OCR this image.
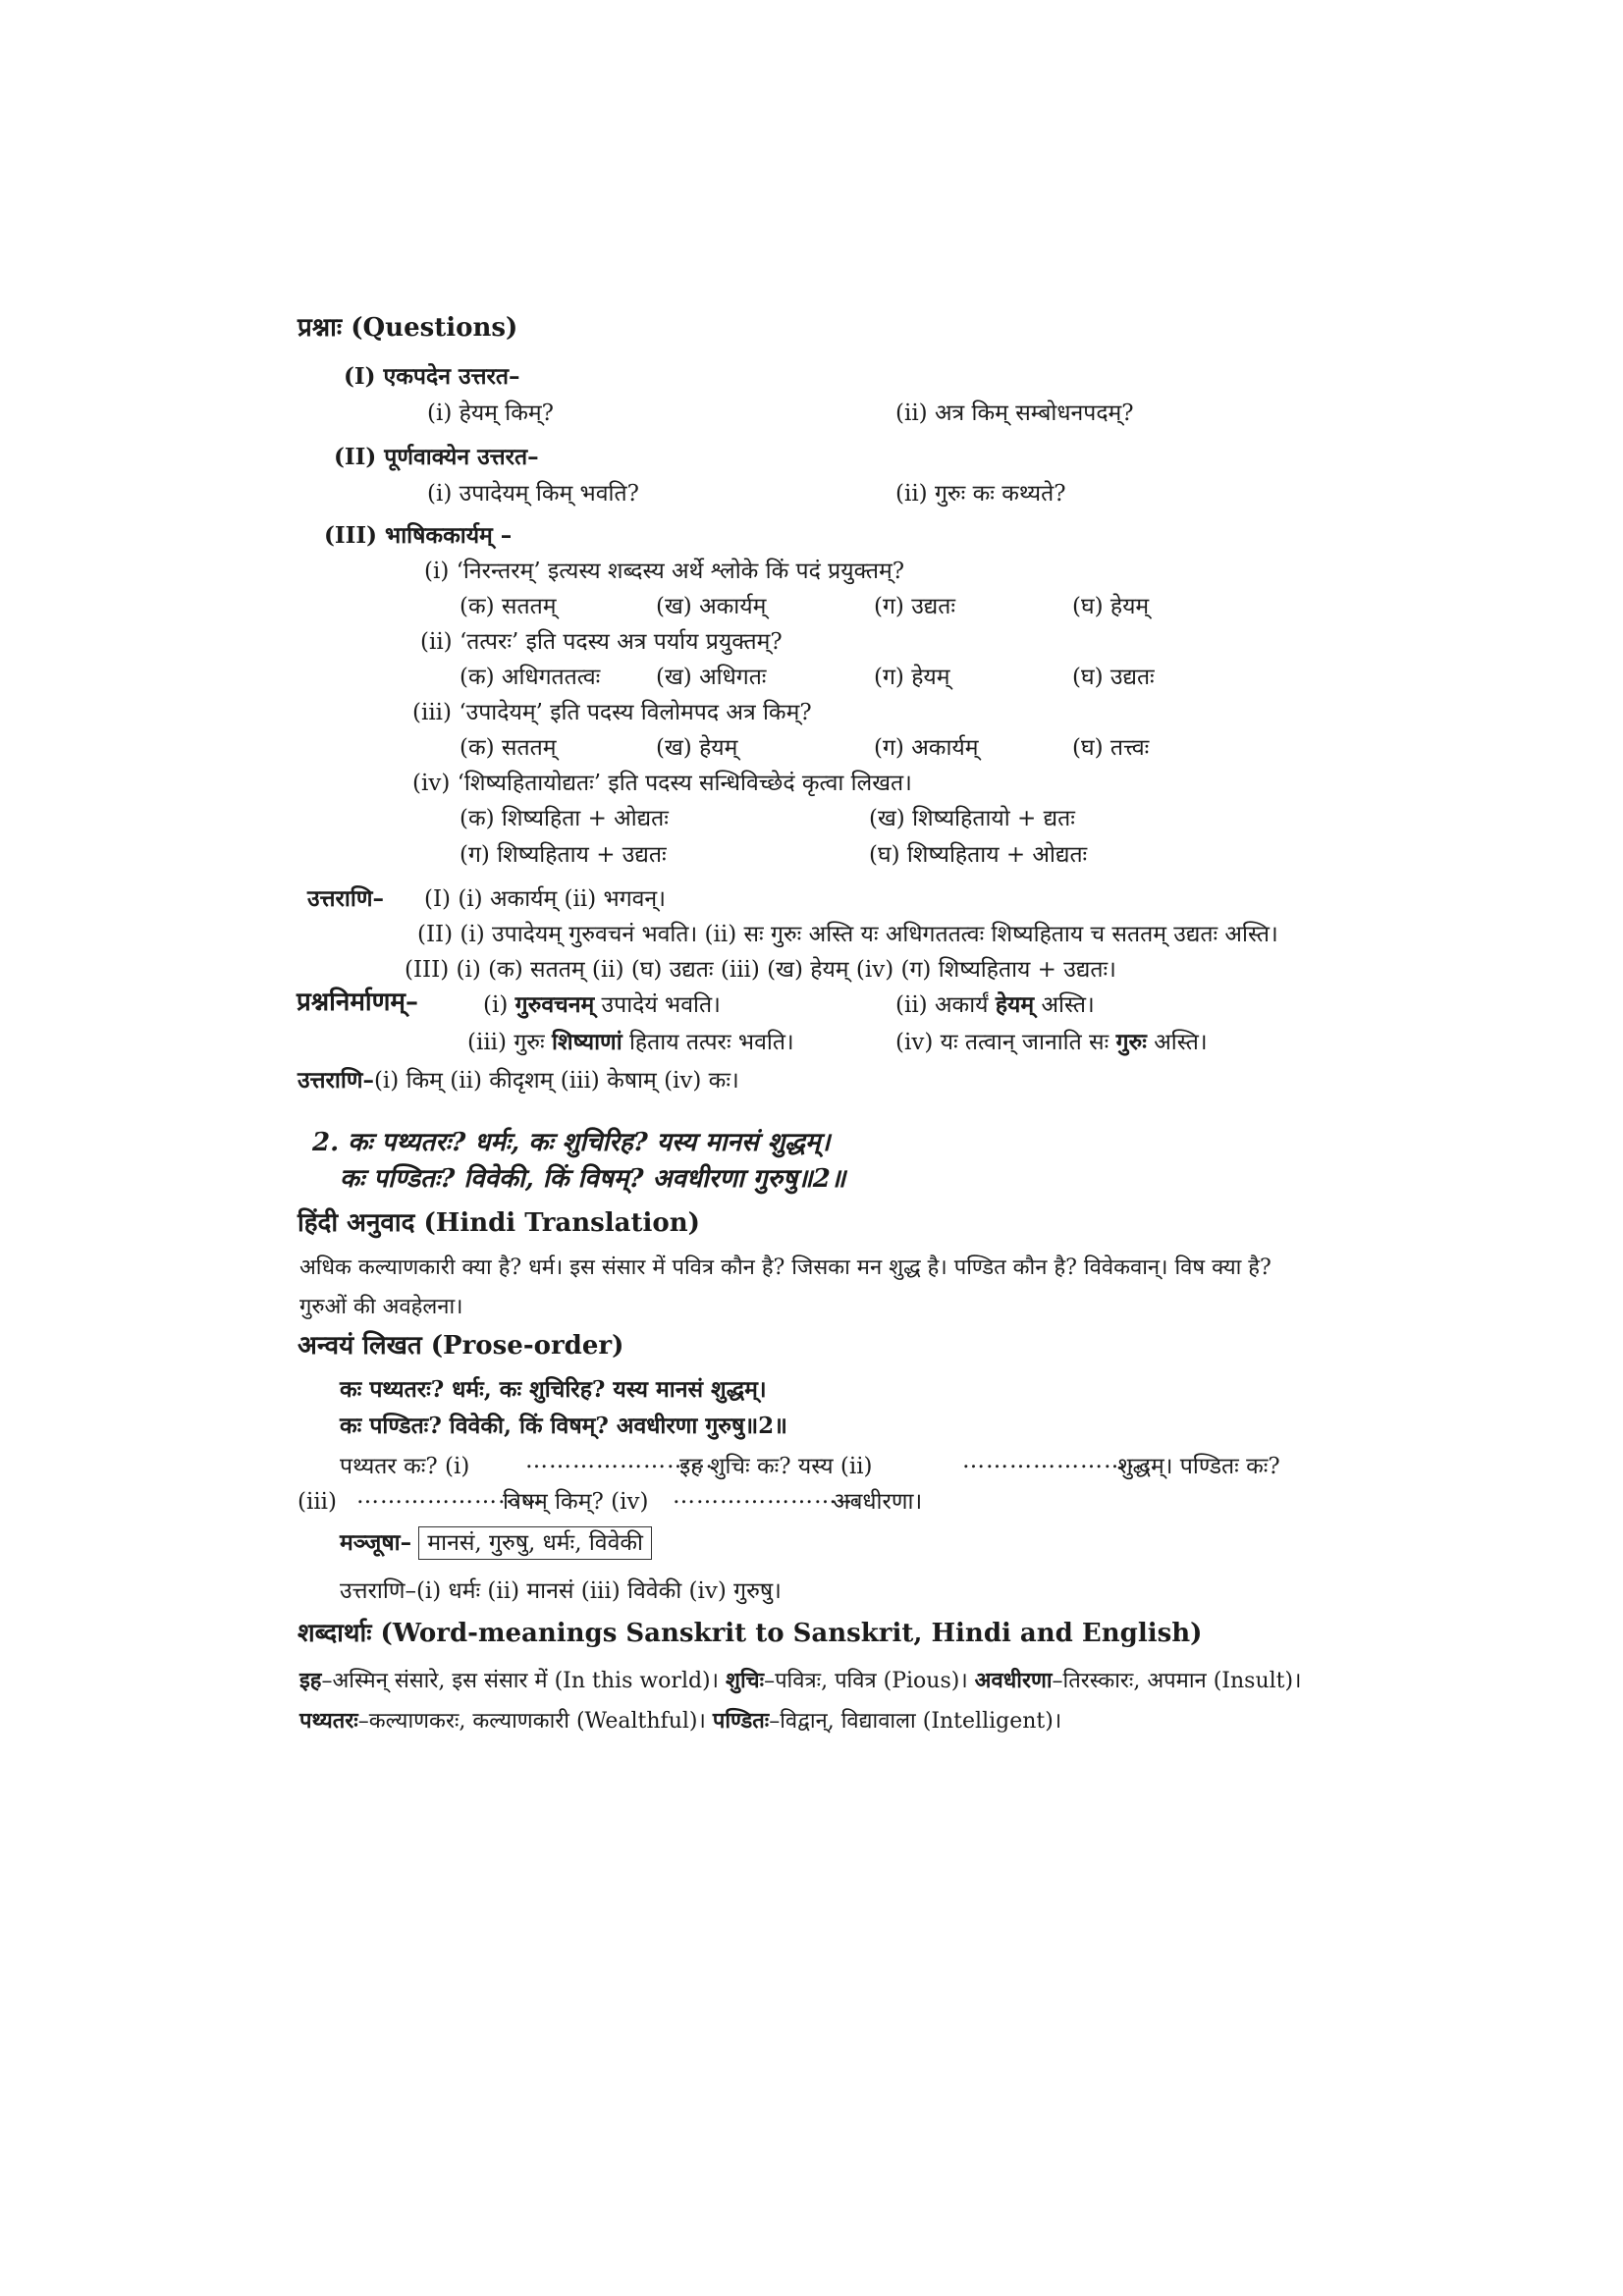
प्रश्नाः (Questions)
(I) एकपदेन उत्तरत–
(i) हेयम् किम्?	(ii) अत्र किम् सम्बोधनपदम्?
(II) पूर्णवाक्येन उत्तरत–
(i) उपादेयम् किम् भवति?	(ii) गुरुः कः कथ्यते?
(III) भाषिककार्यम् –
(i) ‘निरन्तरम्’ इत्यस्य शब्दस्य अर्थे श्लोके किं पदं प्रयुक्तम्?
(क) सततम्	(ख) अकार्यम्	(ग) उद्यतः	(घ) हेयम्
(ii) ‘तत्परः’ इति पदस्य अत्र पर्याय प्रयुक्तम्?
(क) अधिगततत्वः (ख) अधिगतः	(ग) हेयम्	(घ) उद्यतः
(iii) ‘उपादेयम्’ इति पदस्य विलोमपद अत्र किम्?
(क) सततम्	(ख) हेयम्	(ग) अकार्यम्	(घ) तत्त्वः
(iv) ‘शिष्यहितायोद्यतः’ इति पदस्य सन्धिविच्छेदं कृत्वा लिखत।
(क) शिष्यहिता + ओद्यतः	(ख) शिष्यहितायो + द्यतः
(ग) शिष्यहिताय + उद्यतः	(घ) शिष्यहिताय + ओद्यतः
उत्तराणि– (I) (i) अकार्यम् (ii) भगवन्।
(II) (i) उपादेयम् गुरुवचनं भवति। (ii) सः गुरुः अस्ति यः अधिगततत्वः शिष्यहिताय च सततम् उद्यतः अस्ति।
(III) (i) (क) सततम् (ii) (घ) उद्यतः (iii) (ख) हेयम् (iv) (ग) शिष्यहिताय + उद्यतः।
प्रश्ननिर्माणम्–	(i) गुरुवचनम् उपादेयं भवति।	(ii) अकार्यं हेयम् अस्ति।
(iii) गुरुः शिष्याणां हिताय तत्परः भवति।	(iv) यः तत्वान् जानाति सः गुरुः अस्ति।
उत्तराणि–(i) किम् (ii) कीदृशम् (iii) केषाम् (iv) कः।
2. कः पथ्यतरः? धर्मः, कः शुचिरिह? यस्य मानसं शुद्धम्।
कः पण्डितः? विवेकी, किं विषम्? अवधीरणा गुरुषु॥2॥
हिंदी अनुवाद (Hindi Translation)
अधिक कल्याणकारी क्या है? धर्म। इस संसार में पवित्र कौन है? जिसका मन शुद्ध है। पण्डित कौन है? विवेकवान्। विष क्या है? गुरुओं की अवहेलना।
अन्वयं लिखत (Prose-order)
कः पथ्यतरः? धर्मः, कः शुचिरिह? यस्य मानसं शुद्धम्।
कः पण्डितः? विवेकी, किं विषम्? अवधीरणा गुरुषु॥2॥
पथ्यतर कः? (i) ……………………
इह शुचिः कः? यस्य (ii)	……………………
शुद्धम्। पण्डितः कः?
(iii) ……………………
विषम् किम्? (iv) ……………………
अवधीरणा।
मञ्जूषा– मानसं, गुरुषु, धर्मः, विवेकी
उत्तराणि–(i) धर्मः (ii) मानसं (iii) विवेकी (iv) गुरुषु।
शब्दार्थाः (Word-meanings Sanskrit to Sanskrit, Hindi and English)
इह–अस्मिन् संसारे, इस संसार में (In this world)। शुचिः–पवित्रः, पवित्र (Pious)। अवधीरणा–तिरस्कारः, अपमान (Insult)। पथ्यतरः–कल्याणकरः, कल्याणकारी (Wealthful)। पण्डितः–विद्वान्, विद्यावाला (Intelligent)।
